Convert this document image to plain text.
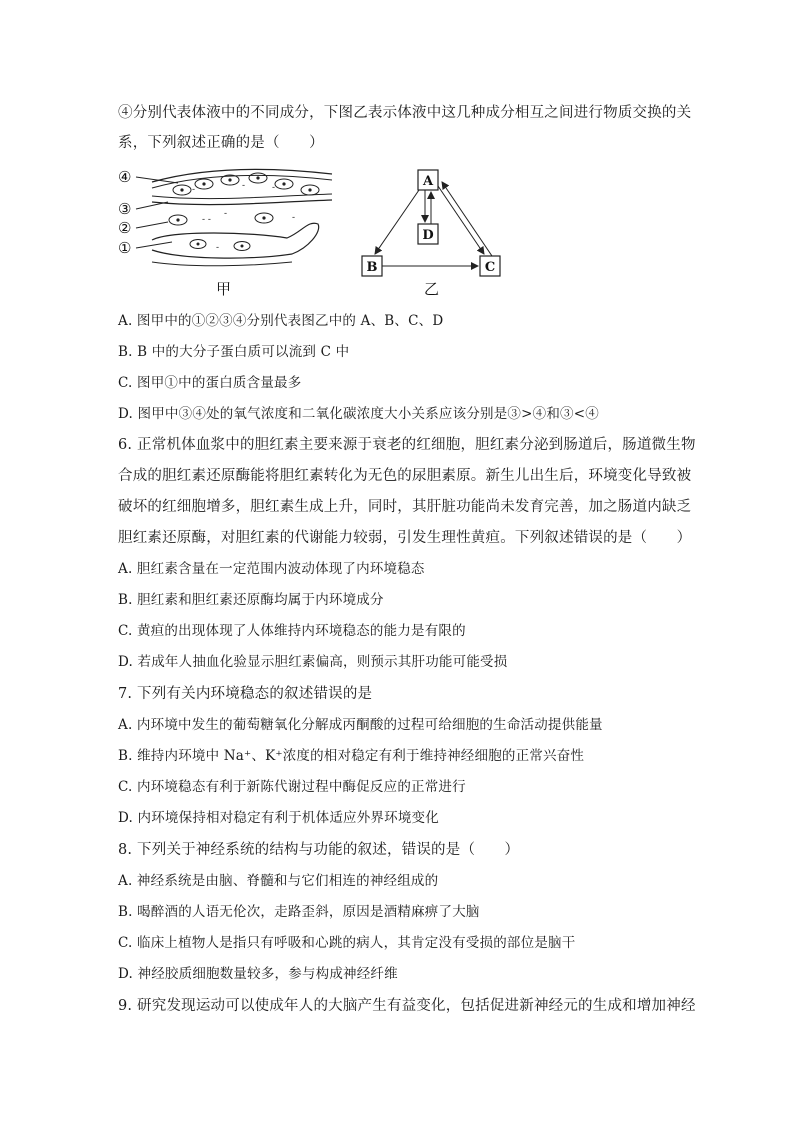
④分别代表体液中的不同成分，下图乙表示体液中这几种成分相互之间进行物质交换的关
系，下列叙述正确的是（　　）
-	-	-
- -
-	-
-
④
③
②
①
甲
A
D
B	C
乙
A. 图甲中的①②③④分别代表图乙中的 A、B、C、D
B. B 中的大分子蛋白质可以流到 C 中
C. 图甲①中的蛋白质含量最多
D. 图甲中③④处的氧气浓度和二氧化碳浓度大小关系应该分别是③>④和③<④
6. 正常机体血浆中的胆红素主要来源于衰老的红细胞，胆红素分泌到肠道后，肠道微生物
合成的胆红素还原酶能将胆红素转化为无色的尿胆素原。新生儿出生后，环境变化导致被
破坏的红细胞增多，胆红素生成上升，同时，其肝脏功能尚未发育完善，加之肠道内缺乏
胆红素还原酶，对胆红素的代谢能力较弱，引发生理性黄疸。下列叙述错误的是（　　）
A. 胆红素含量在一定范围内波动体现了内环境稳态
B. 胆红素和胆红素还原酶均属于内环境成分
C. 黄疸的出现体现了人体维持内环境稳态的能力是有限的
D. 若成年人抽血化验显示胆红素偏高，则预示其肝功能可能受损
7. 下列有关内环境稳态的叙述错误的是
A. 内环境中发生的葡萄糖氧化分解成丙酮酸的过程可给细胞的生命活动提供能量
B. 维持内环境中 Na⁺、K⁺浓度的相对稳定有利于维持神经细胞的正常兴奋性
C. 内环境稳态有利于新陈代谢过程中酶促反应的正常进行
D. 内环境保持相对稳定有利于机体适应外界环境变化
8. 下列关于神经系统的结构与功能的叙述，错误的是（　　）
A. 神经系统是由脑、脊髓和与它们相连的神经组成的
B. 喝醉酒的人语无伦次，走路歪斜，原因是酒精麻痹了大脑
C. 临床上植物人是指只有呼吸和心跳的病人，其肯定没有受损的部位是脑干
D. 神经胶质细胞数量较多，参与构成神经纤维
9. 研究发现运动可以使成年人的大脑产生有益变化，包括促进新神经元的生成和增加神经
